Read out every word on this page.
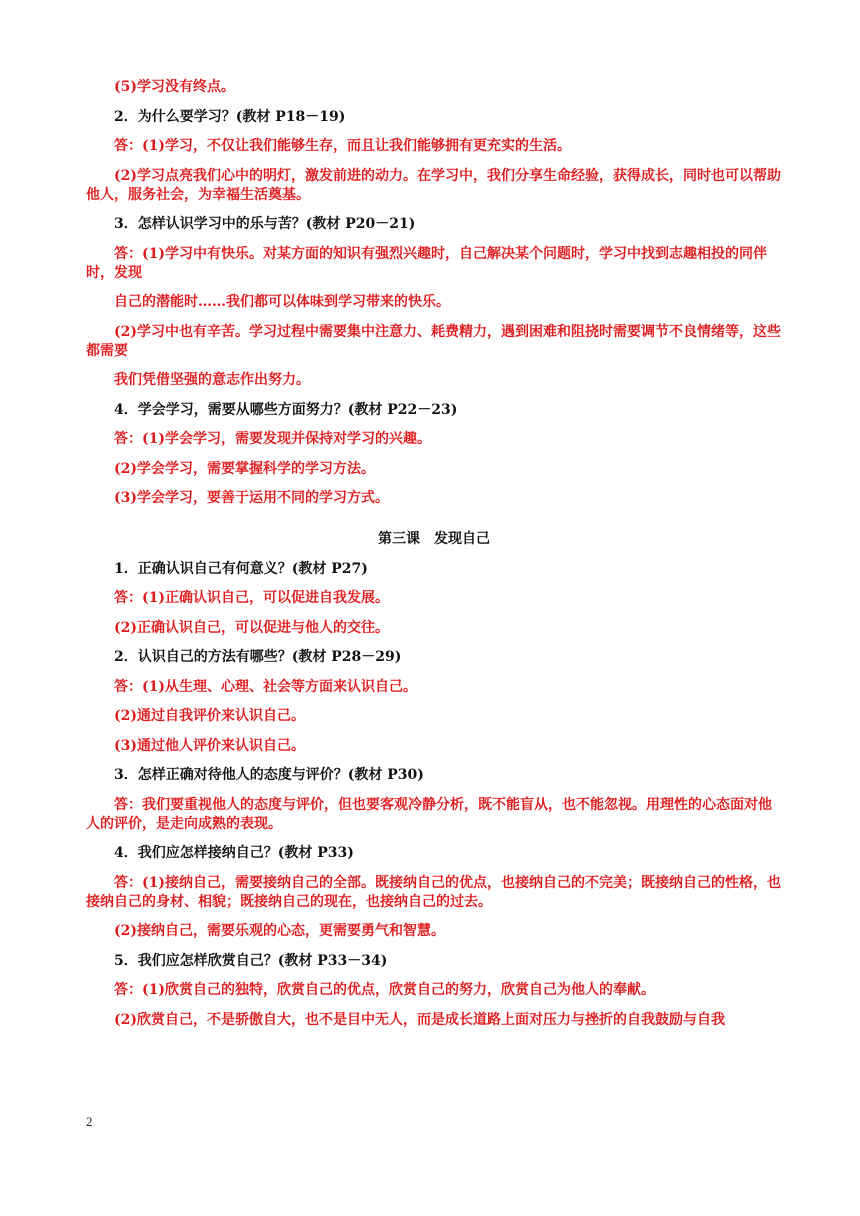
(5)学习没有终点。
2．为什么要学习？(教材 P18－19)
答：(1)学习，不仅让我们能够生存，而且让我们能够拥有更充实的生活。
(2)学习点亮我们心中的明灯，激发前进的动力。在学习中，我们分享生命经验，获得成长，同时也可以帮助他人，服务社会，为幸福生活奠基。
3．怎样认识学习中的乐与苦？(教材 P20－21)
答：(1)学习中有快乐。对某方面的知识有强烈兴趣时，自己解决某个问题时，学习中找到志趣相投的同伴时，发现
自己的潜能时……我们都可以体味到学习带来的快乐。
(2)学习中也有辛苦。学习过程中需要集中注意力、耗费精力，遇到困难和阻挠时需要调节不良情绪等，这些都需要
我们凭借坚强的意志作出努力。
4．学会学习，需要从哪些方面努力？(教材 P22－23)
答：(1)学会学习，需要发现并保持对学习的兴趣。
(2)学会学习，需要掌握科学的学习方法。
(3)学会学习，要善于运用不同的学习方式。
第三课　发现自己
1．正确认识自己有何意义？(教材 P27)
答：(1)正确认识自己，可以促进自我发展。
(2)正确认识自己，可以促进与他人的交往。
2．认识自己的方法有哪些？(教材 P28－29)
答：(1)从生理、心理、社会等方面来认识自己。
(2)通过自我评价来认识自己。
(3)通过他人评价来认识自己。
3．怎样正确对待他人的态度与评价？(教材 P30)
答：我们要重视他人的态度与评价，但也要客观冷静分析，既不能盲从，也不能忽视。用理性的心态面对他人的评价，是走向成熟的表现。
4．我们应怎样接纳自己？(教材 P33)
答：(1)接纳自己，需要接纳自己的全部。既接纳自己的优点，也接纳自己的不完美；既接纳自己的性格，也接纳自己的身材、相貌；既接纳自己的现在，也接纳自己的过去。
(2)接纳自己，需要乐观的心态，更需要勇气和智慧。
5．我们应怎样欣赏自己？(教材 P33－34)
答：(1)欣赏自己的独特，欣赏自己的优点，欣赏自己的努力，欣赏自己为他人的奉献。
(2)欣赏自己，不是骄傲自大，也不是目中无人，而是成长道路上面对压力与挫折的自我鼓励与自我
2
